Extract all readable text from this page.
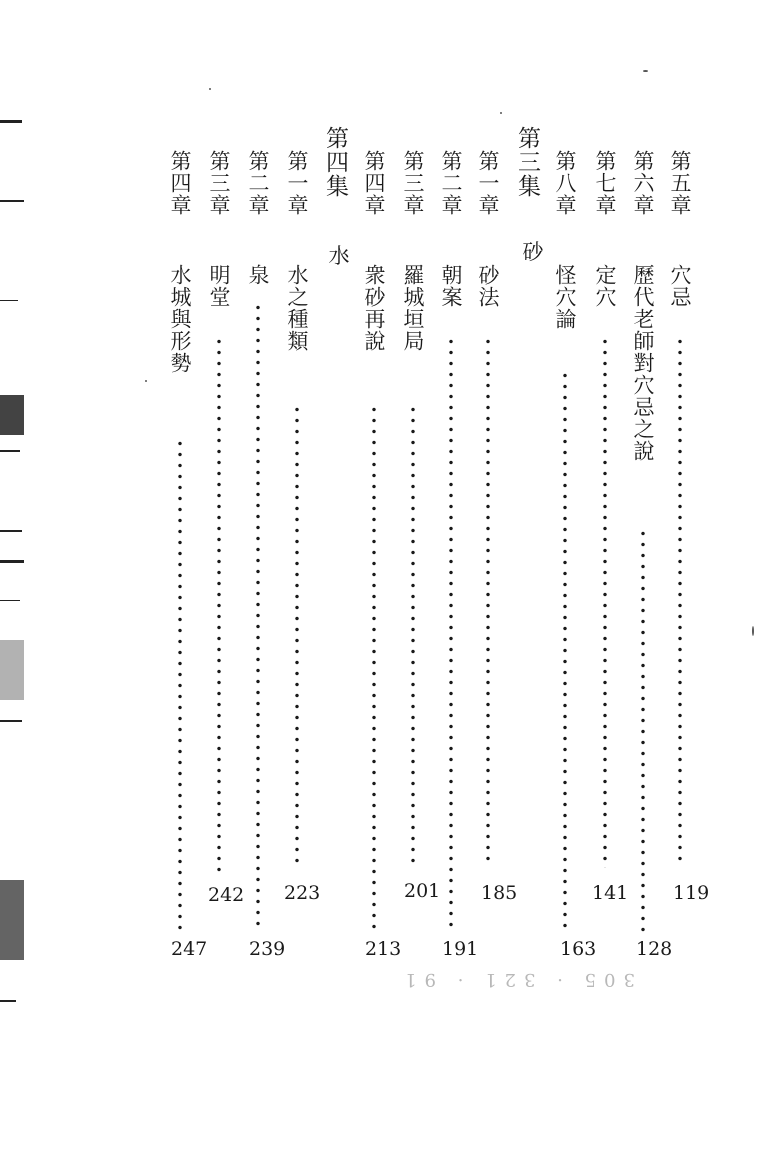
第五章
穴忌
119
第六章
歷代老師對穴忌之說
128
第七章
定穴
141
第八章
怪穴論
163
第三集
砂
第一章
砂法
185
第二章
朝案
191
第三章
羅城垣局
201
第四章
衆砂再說
213
、
第四集
水
第一章
水之種類
223
第二章
泉
239
第三章
明堂
242
第四章
水城與形勢
247
305 · 321 · 91
